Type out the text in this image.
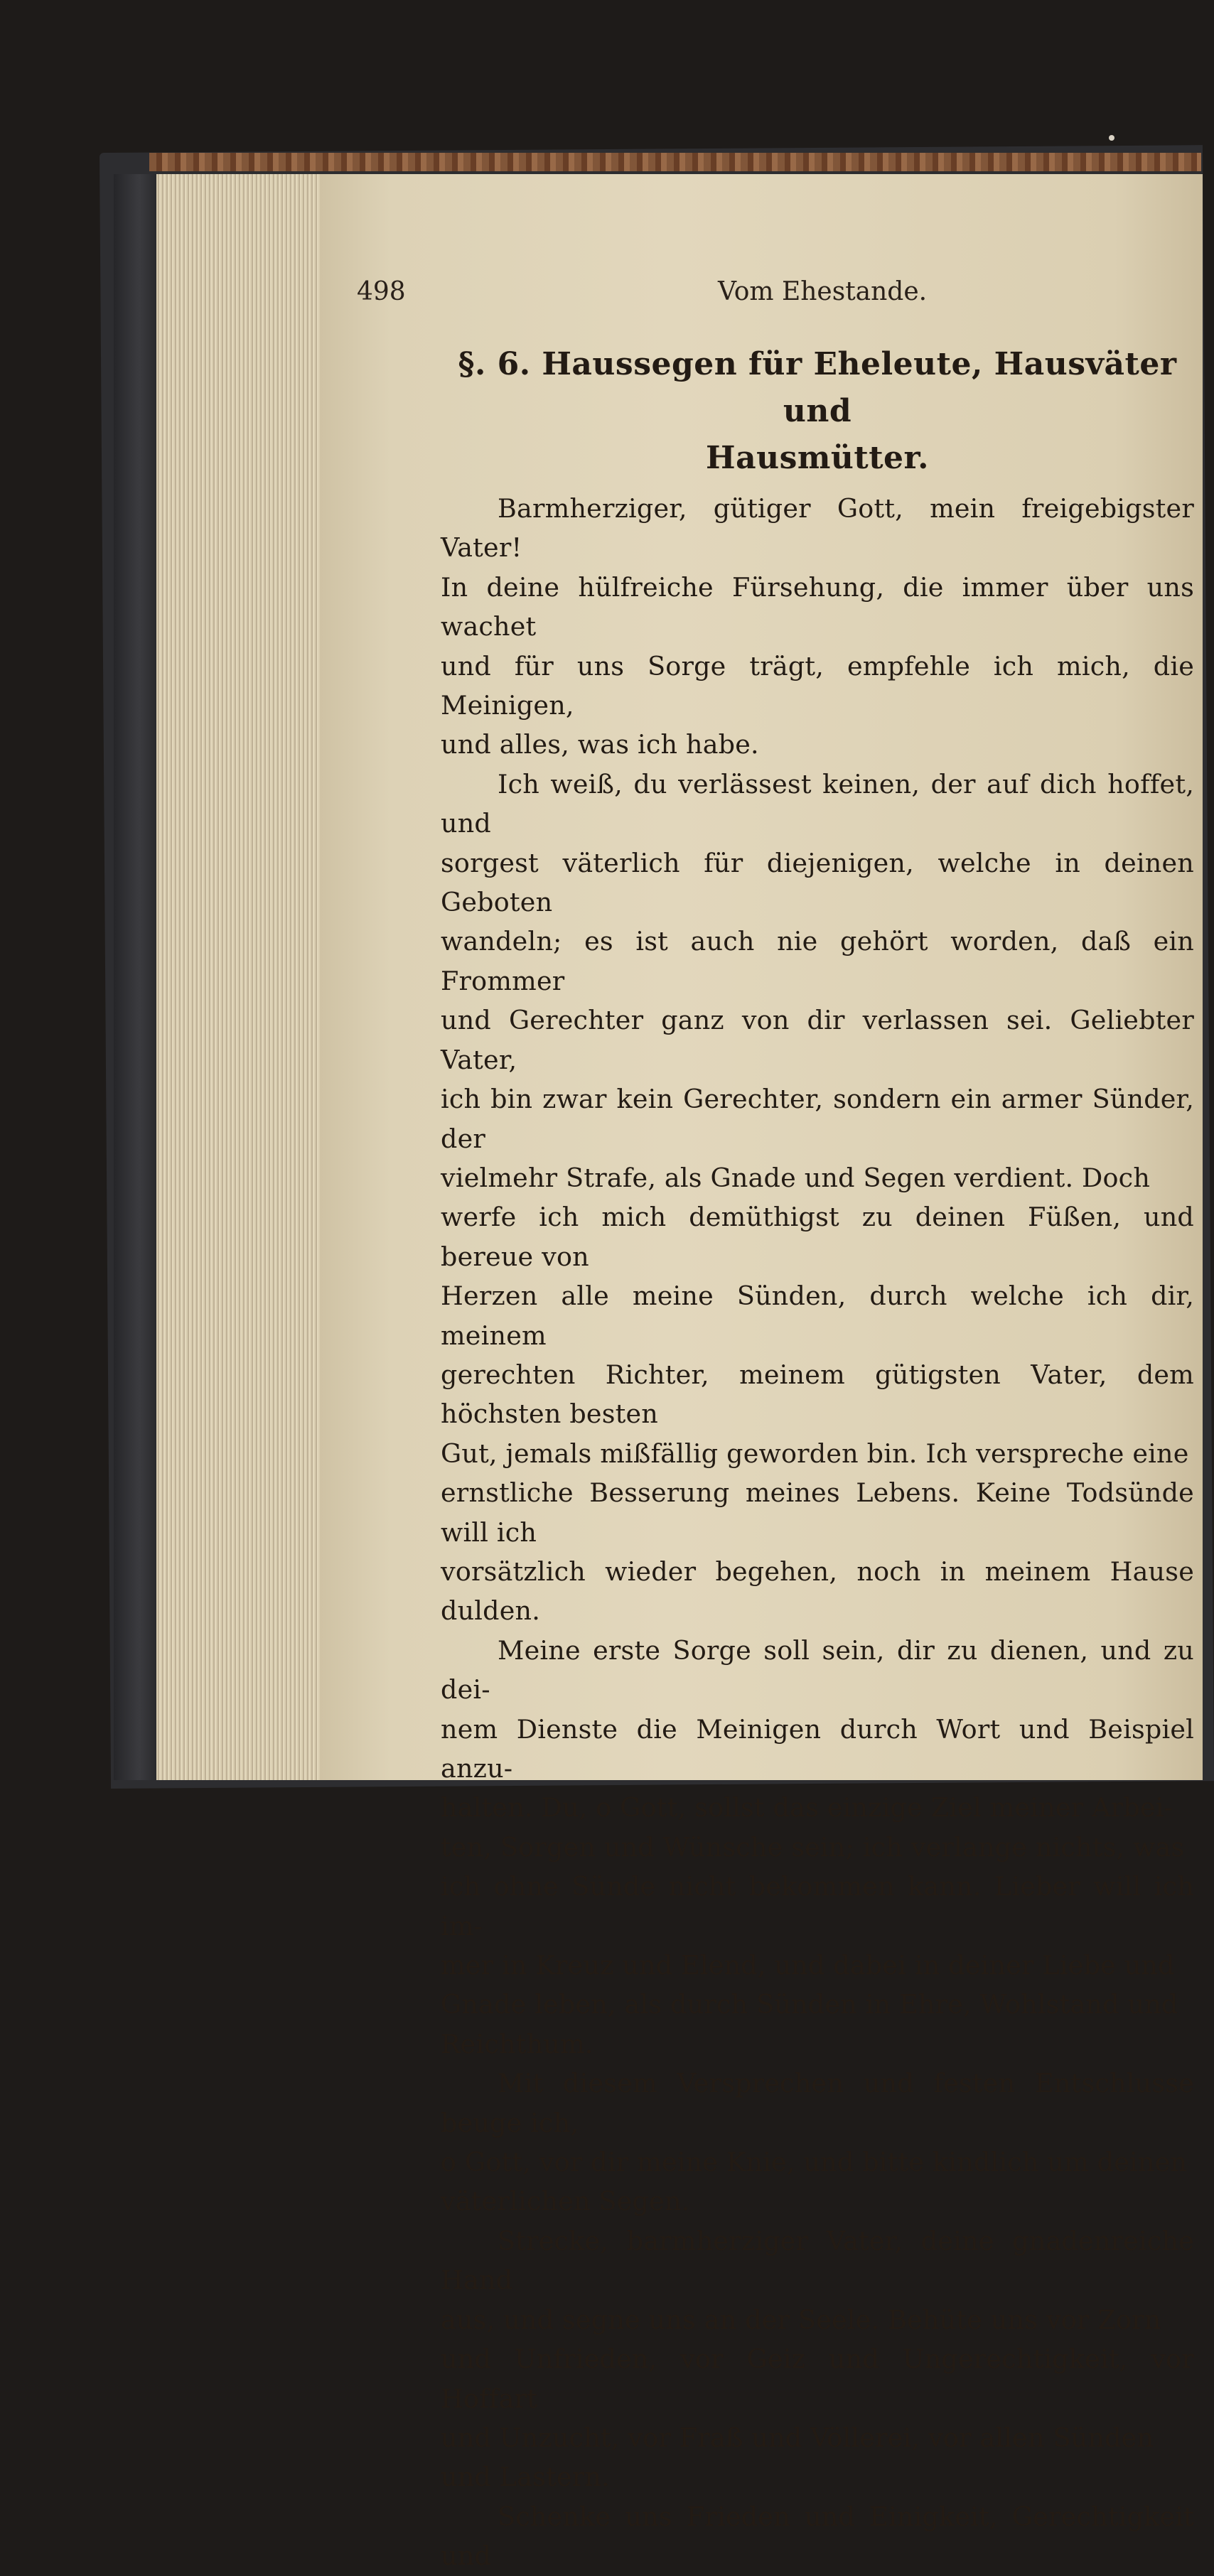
498	Vom Ehestande.
§. 6. Haussegen für Eheleute, Hausväter und
Hausmütter.

Barmherziger, gütiger Gott, mein freigebigster Vater!
In deine hülfreiche Fürsehung, die immer über uns wachet
und für uns Sorge trägt, empfehle ich mich, die Meinigen,
und alles, was ich habe.

Ich weiß, du verlässest keinen, der auf dich hoffet, und
sorgest väterlich für diejenigen, welche in deinen Geboten
wandeln; es ist auch nie gehört worden, daß ein Frommer
und Gerechter ganz von dir verlassen sei. Geliebter Vater,
ich bin zwar kein Gerechter, sondern ein armer Sünder, der
vielmehr Strafe, als Gnade und Segen verdient. Doch
werfe ich mich demüthigst zu deinen Füßen, und bereue von
Herzen alle meine Sünden, durch welche ich dir, meinem
gerechten Richter, meinem gütigsten Vater, dem höchsten besten
Gut, jemals mißfällig geworden bin. Ich verspreche eine
ernstliche Besserung meines Lebens. Keine Todsünde will ich
vorsätzlich wieder begehen, noch in meinem Hause dulden.

Meine erste Sorge soll sein, dir zu dienen, und zu dei-
nem Dienste die Meinigen durch Wort und Beispiel anzu-
halten. Du, o Gott, sollst das einzige Ziel meiner Arbei-
ten, Sorgen und Wünsche sein; ich verlange nichts, was
ich ohne Sünde nicht bekommen kann. Lieber will ich im-
mer in Kreuz und Elend, und dabei in deiner Liebe und
Gnade leben, als durch Sünden in Ehre, Wohlstand und
Reichthum.

Mit diesem Versprechen und festen Entschlusse beuge ich,
o Gott, vor dir meine Knie, und bitte kindlich um deinen
väterlichen Segen.

Strecke, barmherziger Vater, deine gnadenreiche Hand
aus, und segne uns an der Seele. Behüte uns vor Zorn
und Unfrieden, vor Geiz und Ungerechtigkeit, vor Hoffart
und Unzucht, vor Fraß und Völlerei, vor allen Sünden
und Lastern.

Schenke uns Frieden und Einigkeit, Gerechtigkeit und
